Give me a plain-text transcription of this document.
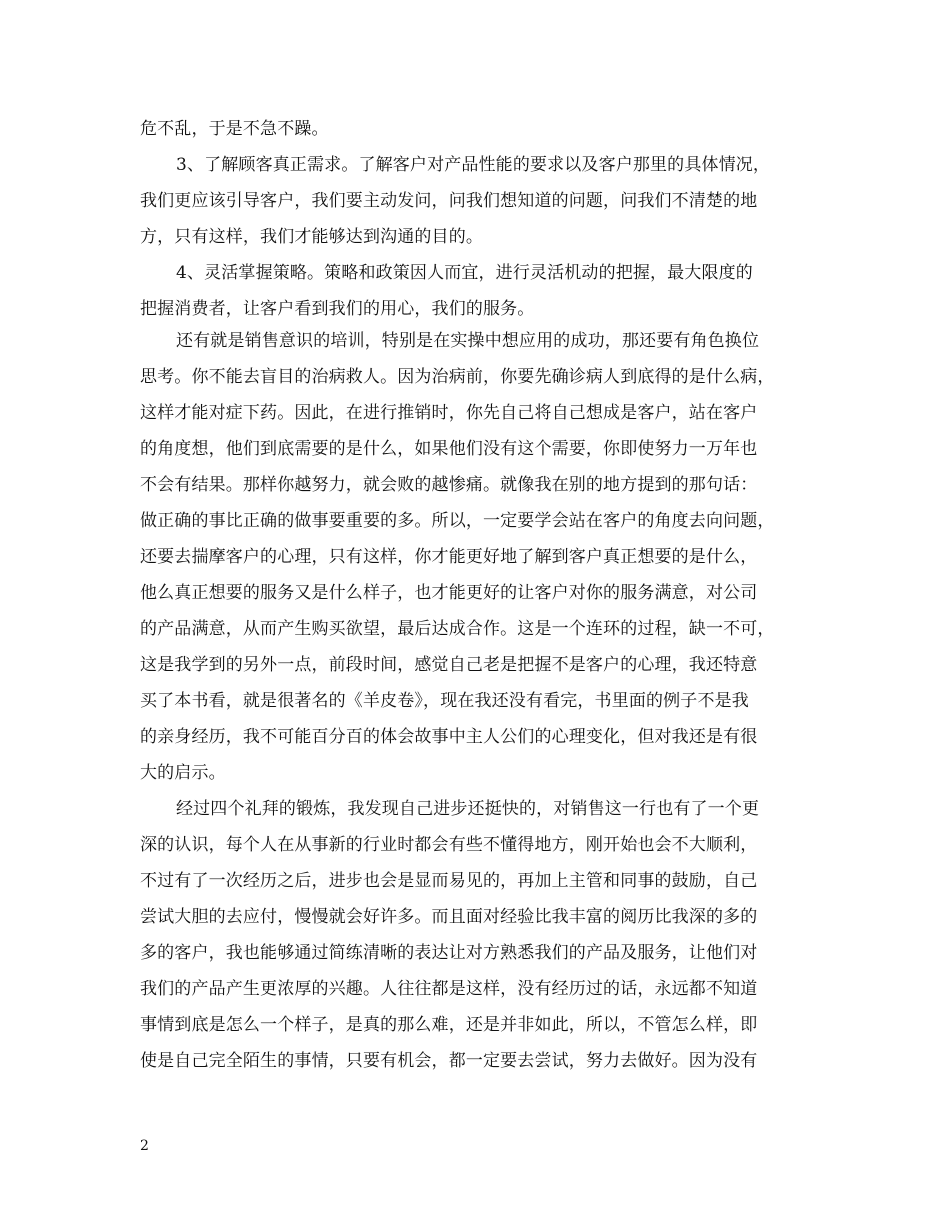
危不乱，于是不急不躁。
3、了解顾客真正需求。了解客户对产品性能的要求以及客户那里的具体情况，
我们更应该引导客户，我们要主动发问，问我们想知道的问题，问我们不清楚的地
方，只有这样，我们才能够达到沟通的目的。
4、灵活掌握策略。策略和政策因人而宜，进行灵活机动的把握，最大限度的
把握消费者，让客户看到我们的用心，我们的服务。
还有就是销售意识的培训，特别是在实操中想应用的成功，那还要有角色换位
思考。你不能去盲目的治病救人。因为治病前，你要先确诊病人到底得的是什么病，
这样才能对症下药。因此，在进行推销时，你先自己将自己想成是客户，站在客户
的角度想，他们到底需要的是什么，如果他们没有这个需要，你即使努力一万年也
不会有结果。那样你越努力，就会败的越惨痛。就像我在别的地方提到的那句话：
做正确的事比正确的做事要重要的多。所以，一定要学会站在客户的角度去向问题，
还要去揣摩客户的心理，只有这样，你才能更好地了解到客户真正想要的是什么，
他么真正想要的服务又是什么样子，也才能更好的让客户对你的服务满意，对公司
的产品满意，从而产生购买欲望，最后达成合作。这是一个连环的过程，缺一不可，
这是我学到的另外一点，前段时间，感觉自己老是把握不是客户的心理，我还特意
买了本书看，就是很著名的《羊皮卷》，现在我还没有看完，书里面的例子不是我
的亲身经历，我不可能百分百的体会故事中主人公们的心理变化，但对我还是有很
大的启示。
经过四个礼拜的锻炼，我发现自己进步还挺快的，对销售这一行也有了一个更
深的认识，每个人在从事新的行业时都会有些不懂得地方，刚开始也会不大顺利，
不过有了一次经历之后，进步也会是显而易见的，再加上主管和同事的鼓励，自己
尝试大胆的去应付，慢慢就会好许多。而且面对经验比我丰富的阅历比我深的多的
多的客户，我也能够通过简练清晰的表达让对方熟悉我们的产品及服务，让他们对
我们的产品产生更浓厚的兴趣。人往往都是这样，没有经历过的话，永远都不知道
事情到底是怎么一个样子，是真的那么难，还是并非如此，所以，不管怎么样，即
使是自己完全陌生的事情，只要有机会，都一定要去尝试，努力去做好。因为没有
2
